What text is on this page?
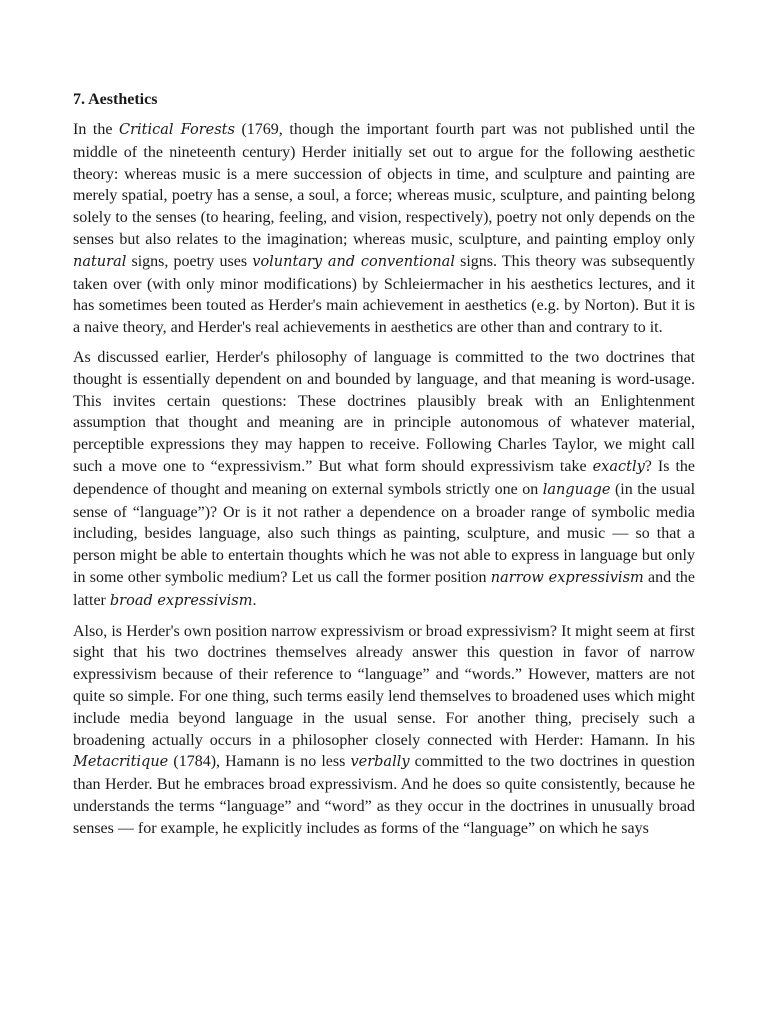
7. Aesthetics

In the Critical Forests (1769, though the important fourth part was not published until the middle of the nineteenth century) Herder initially set out to argue for the following aesthetic theory: whereas music is a mere succession of objects in time, and sculpture and painting are merely spatial, poetry has a sense, a soul, a force; whereas music, sculpture, and painting belong solely to the senses (to hearing, feeling, and vision, respectively), poetry not only depends on the senses but also relates to the imagination; whereas music, sculpture, and painting employ only natural signs, poetry uses voluntary and conventional signs. This theory was subsequently taken over (with only minor modifications) by Schleiermacher in his aesthetics lectures, and it has sometimes been touted as Herder's main achievement in aesthetics (e.g. by Norton). But it is a naive theory, and Herder's real achievements in aesthetics are other than and contrary to it.

As discussed earlier, Herder's philosophy of language is committed to the two doctrines that thought is essentially dependent on and bounded by language, and that meaning is word-usage. This invites certain questions: These doctrines plausibly break with an Enlightenment assumption that thought and meaning are in principle autonomous of whatever material, perceptible expressions they may happen to receive. Following Charles Taylor, we might call such a move one to “expressivism.” But what form should expressivism take exactly? Is the dependence of thought and meaning on external symbols strictly one on language (in the usual sense of “language”)? Or is it not rather a dependence on a broader range of symbolic media including, besides language, also such things as painting, sculpture, and music — so that a person might be able to entertain thoughts which he was not able to express in language but only in some other symbolic medium? Let us call the former position narrow expressivism and the latter broad expressivism.

Also, is Herder's own position narrow expressivism or broad expressivism? It might seem at first sight that his two doctrines themselves already answer this question in favor of narrow expressivism because of their reference to “language” and “words.” However, matters are not quite so simple. For one thing, such terms easily lend themselves to broadened uses which might include media beyond language in the usual sense. For another thing, precisely such a broadening actually occurs in a philosopher closely connected with Herder: Hamann. In his Metacritique (1784), Hamann is no less verbally committed to the two doctrines in question than Herder. But he embraces broad expressivism. And he does so quite consistently, because he understands the terms “language” and “word” as they occur in the doctrines in unusually broad senses — for example, he explicitly includes as forms of the “language” on which he says
